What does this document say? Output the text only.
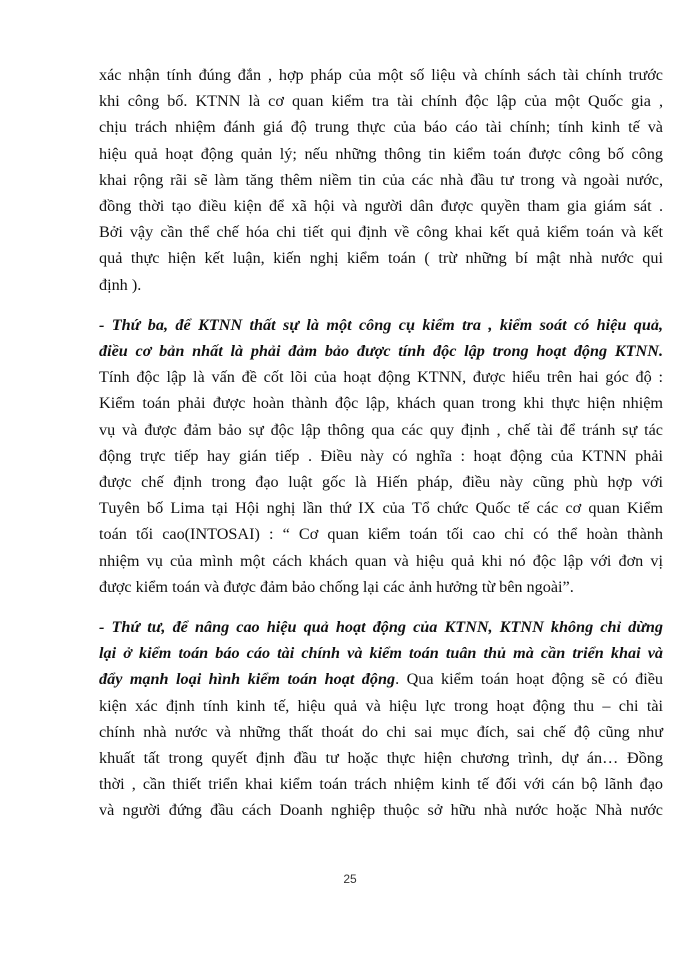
xác nhận tính đúng đắn , hợp pháp của một số liệu và chính sách tài chính trước
khi công bố. KTNN là cơ quan kiểm tra tài chính độc lập của một Quốc gia ,
chịu trách nhiệm đánh giá độ trung thực của báo cáo tài chính; tính kinh tế và
hiệu quả hoạt động quản lý; nếu những thông tin kiểm toán được công bố công
khai rộng rãi sẽ làm tăng thêm niềm tin của các nhà đầu tư trong và ngoài nước,
đồng thời tạo điều kiện để xã hội và người dân được quyền tham gia giám sát .
Bởi vậy cần thể chế hóa chi tiết qui định về công khai kết quả kiểm toán và kết
quả thực hiện kết luận, kiến nghị kiểm toán ( trừ những bí mật nhà nước qui
định ).
- Thứ ba, để KTNN thất sự là một công cụ kiểm tra , kiểm soát có hiệu quả,
điều cơ bản nhất là phải đảm bảo được tính độc lập trong hoạt động KTNN.
Tính độc lập là vấn đề cốt lõi của hoạt động KTNN, được hiểu trên hai góc độ :
Kiểm toán phải được hoàn thành độc lập, khách quan trong khi thực hiện nhiệm
vụ và được đảm bảo sự độc lập thông qua các quy định , chế tài để tránh sự tác
động trực tiếp hay gián tiếp . Điều này có nghĩa : hoạt động của KTNN phải
được chế định trong đạo luật gốc là Hiến pháp, điều này cũng phù hợp với
Tuyên bố Lima tại Hội nghị lần thứ IX của Tổ chức Quốc tế các cơ quan Kiểm
toán tối cao(INTOSAI) : “ Cơ quan kiểm toán tối cao chỉ có thể hoàn thành
nhiệm vụ của mình một cách khách quan và hiệu quả khi nó độc lập với đơn vị
được kiểm toán và được đảm bảo chống lại các ảnh hưởng từ bên ngoài”.
- Thứ tư, để nâng cao hiệu quả hoạt động của KTNN, KTNN không chỉ dừng
lại ở kiểm toán báo cáo tài chính và kiểm toán tuân thủ mà cần triển khai và
đẩy mạnh loại hình kiểm toán hoạt động. Qua kiểm toán hoạt động sẽ có điều
kiện xác định tính kinh tế, hiệu quả và hiệu lực trong hoạt động thu – chi tài
chính nhà nước và những thất thoát do chi sai mục đích, sai chế độ cũng như
khuất tất trong quyết định đầu tư hoặc thực hiện chương trình, dự án… Đồng
thời , cần thiết triển khai kiểm toán trách nhiệm kinh tế đối với cán bộ lãnh đạo
và người đứng đầu cách Doanh nghiệp thuộc sở hữu nhà nước hoặc Nhà nước
25
